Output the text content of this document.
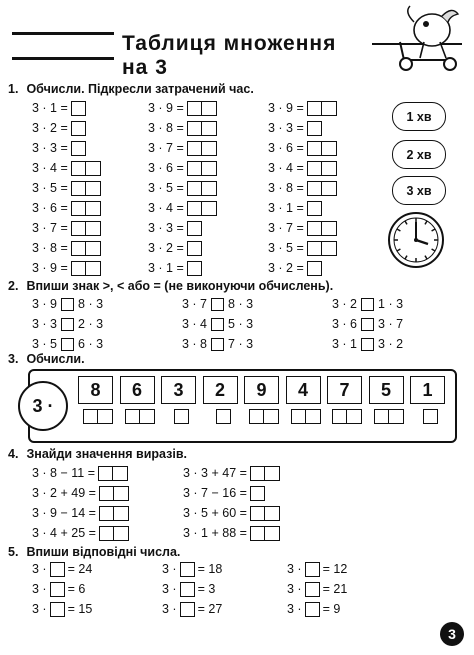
Таблиця множення на 3
1. Обчисли. Підкресли затрачений час.
3 · 1 =
3 · 2 =
3 · 3 =
3 · 4 =
3 · 5 =
3 · 6 =
3 · 7 =
3 · 8 =
3 · 9 =
3 · 9 =
3 · 8 =
3 · 7 =
3 · 6 =
3 · 5 =
3 · 4 =
3 · 3 =
3 · 2 =
3 · 1 =
3 · 9 =
3 · 3 =
3 · 6 =
3 · 4 =
3 · 8 =
3 · 1 =
3 · 7 =
3 · 5 =
3 · 2 =
1 хв
2 хв
3 хв
2. Впиши знак >, < або = (не виконуючи обчислень).
3 · 9 8 · 3	3 · 7 8 · 3	3 · 2 1 · 3
3 · 3 2 · 3	3 · 4 5 · 3	3 · 6 3 · 7
3 · 5 6 · 3	3 · 8 7 · 3	3 · 1 3 · 2
3. Обчисли.
3 ·
8	6	3	2	9	4	7	5	1
4. Знайди значення виразів.
3 · 8 − 11 =
3 · 2 + 49 =
3 · 9 − 14 =
3 · 4 + 25 =
3 · 3 + 47 =
3 · 7 − 16 =
3 · 5 + 60 =
3 · 1 + 88 =
5. Впиши відповідні числа.
3 · = 24	3 · = 18	3 · = 12
3 · = 6	3 · = 3	3 · = 21
3 · = 15	3 · = 27	3 · = 9
3
